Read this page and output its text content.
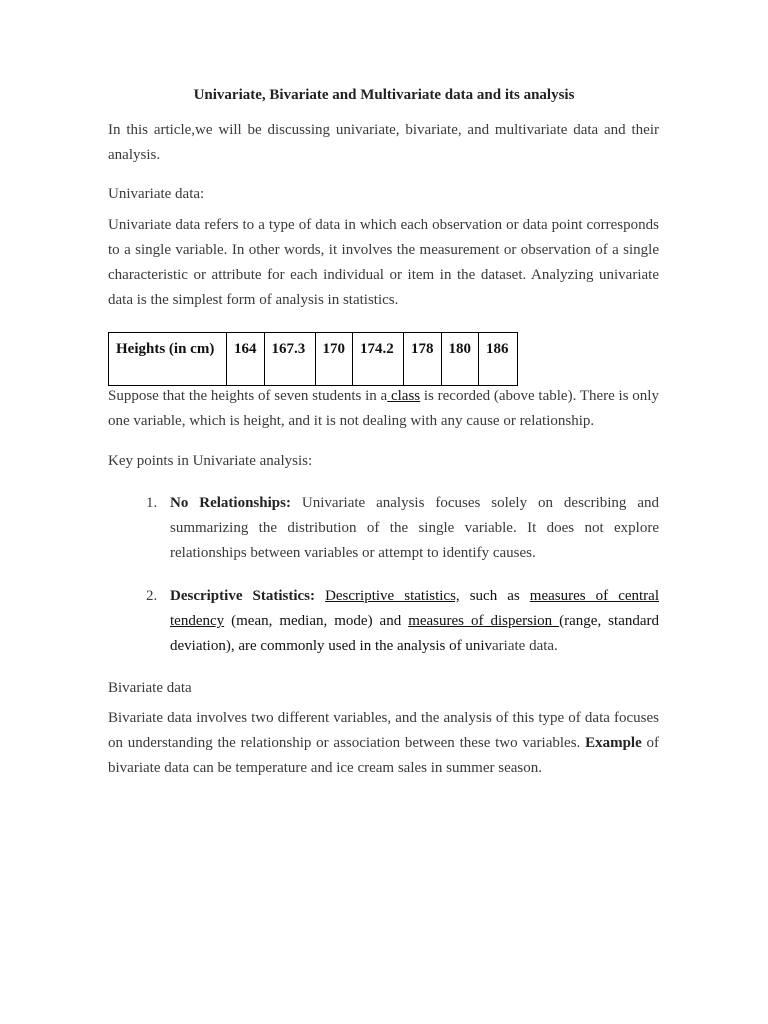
Univariate, Bivariate and Multivariate data and its analysis

In this article,we will be discussing univariate, bivariate, and multivariate data and their analysis.

Univariate data:

Univariate data refers to a type of data in which each observation or data point corresponds to a single variable. In other words, it involves the measurement or observation of a single characteristic or attribute for each individual or item in the dataset. Analyzing univariate data is the simplest form of analysis in statistics.

Heights (in cm)	164	167.3	170	174.2	178	180	186

Suppose that the heights of seven students in a class is recorded (above table). There is only one variable, which is height, and it is not dealing with any cause or relationship.

Key points in Univariate analysis:

1. No Relationships: Univariate analysis focuses solely on describing and summarizing the distribution of the single variable. It does not explore relationships between variables or attempt to identify causes.

2. Descriptive Statistics: Descriptive statistics, such as measures of central tendency (mean, median, mode) and measures of dispersion (range, standard deviation), are commonly used in the analysis of univariate data.

Bivariate data

Bivariate data involves two different variables, and the analysis of this type of data focuses on understanding the relationship or association between these two variables. Example of bivariate data can be temperature and ice cream sales in summer season.
